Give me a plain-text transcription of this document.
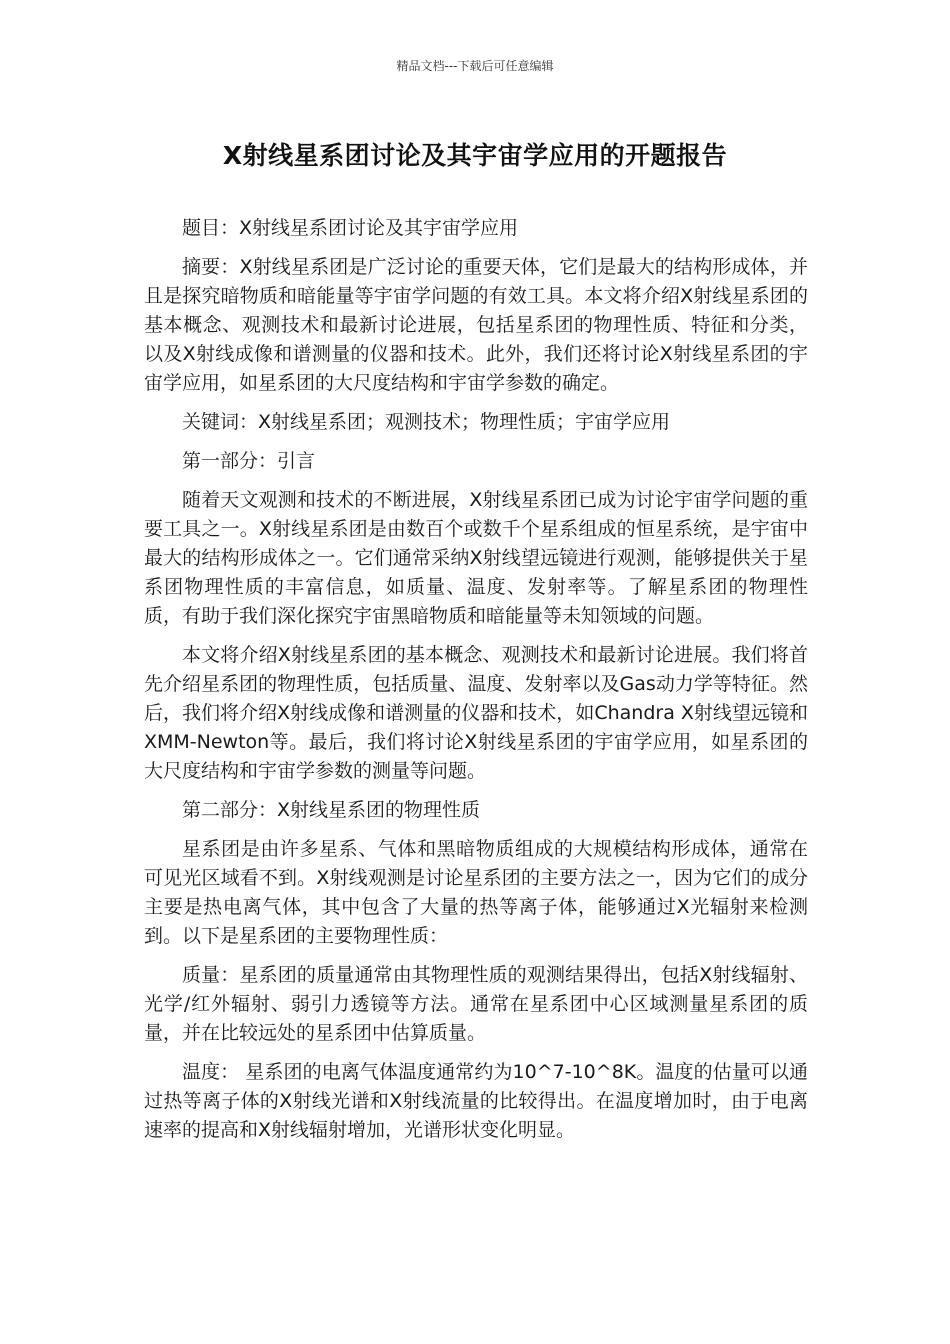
精品文档---下载后可任意编辑
X射线星系团讨论及其宇宙学应用的开题报告

题目：X射线星系团讨论及其宇宙学应用

摘要：X射线星系团是广泛讨论的重要天体，它们是最大的结构形成体，并且是探究暗物质和暗能量等宇宙学问题的有效工具。本文将介绍X射线星系团的基本概念、观测技术和最新讨论进展，包括星系团的物理性质、特征和分类，以及X射线成像和谱测量的仪器和技术。此外，我们还将讨论X射线星系团的宇宙学应用，如星系团的大尺度结构和宇宙学参数的确定。

关键词：X射线星系团；观测技术；物理性质；宇宙学应用

第一部分：引言

随着天文观测和技术的不断进展，X射线星系团已成为讨论宇宙学问题的重要工具之一。X射线星系团是由数百个或数千个星系组成的恒星系统，是宇宙中最大的结构形成体之一。它们通常采纳X射线望远镜进行观测，能够提供关于星系团物理性质的丰富信息，如质量、温度、发射率等。了解星系团的物理性质，有助于我们深化探究宇宙黑暗物质和暗能量等未知领域的问题。

本文将介绍X射线星系团的基本概念、观测技术和最新讨论进展。我们将首先介绍星系团的物理性质，包括质量、温度、发射率以及Gas动力学等特征。然后，我们将介绍X射线成像和谱测量的仪器和技术，如Chandra X射线望远镜和XMM-Newton等。最后，我们将讨论X射线星系团的宇宙学应用，如星系团的大尺度结构和宇宙学参数的测量等问题。

第二部分：X射线星系团的物理性质

星系团是由许多星系、气体和黑暗物质组成的大规模结构形成体，通常在可见光区域看不到。X射线观测是讨论星系团的主要方法之一，因为它们的成分主要是热电离气体，其中包含了大量的热等离子体，能够通过X光辐射来检测到。以下是星系团的主要物理性质：

质量：星系团的质量通常由其物理性质的观测结果得出，包括X射线辐射、光学/红外辐射、弱引力透镜等方法。通常在星系团中心区域测量星系团的质量，并在比较远处的星系团中估算质量。

温度： 星系团的电离气体温度通常约为10^7-10^8K。温度的估量可以通过热等离子体的X射线光谱和X射线流量的比较得出。在温度增加时，由于电离速率的提高和X射线辐射增加，光谱形状变化明显。
